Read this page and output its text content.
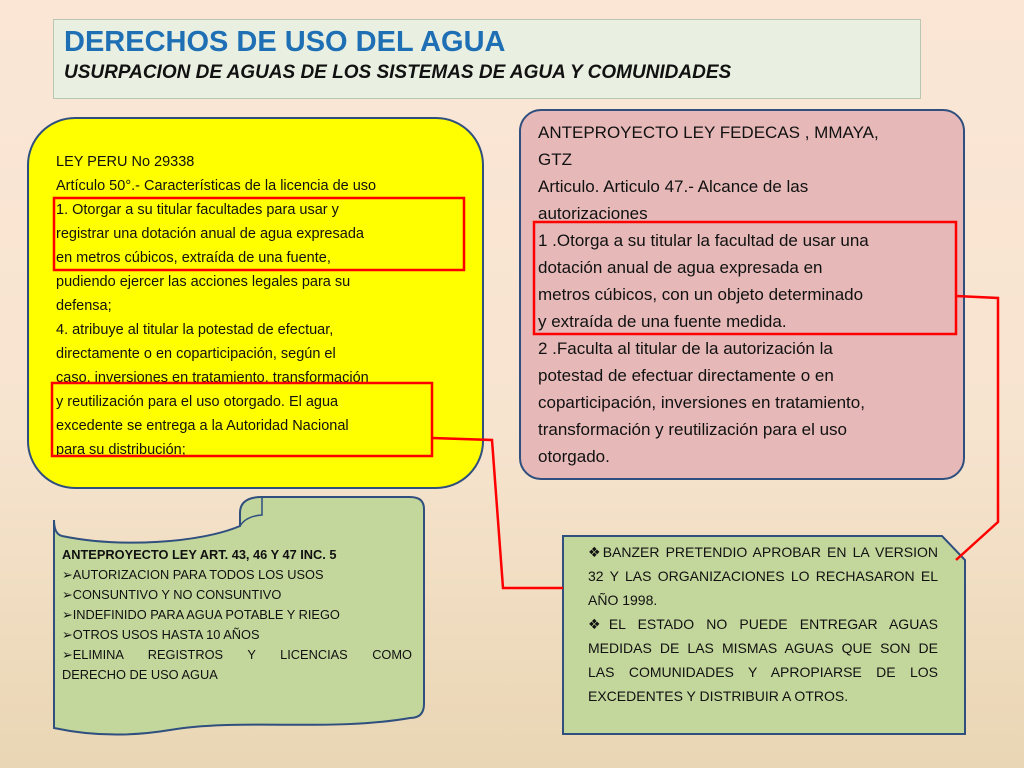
DERECHOS DE USO DEL AGUA
USURPACION DE AGUAS DE LOS SISTEMAS DE AGUA Y COMUNIDADES
LEY PERU No 29338
Artículo 50°.- Características de la licencia de uso
1. Otorgar a su titular facultades para usar y
registrar una dotación anual de agua expresada
en metros cúbicos, extraída de una fuente,
pudiendo ejercer las acciones legales para su
defensa;
4. atribuye al titular la potestad de efectuar,
directamente o en coparticipación, según el
caso, inversiones en tratamiento, transformación
y reutilización para el uso otorgado. El agua
excedente se entrega a la Autoridad Nacional
para su distribución;
ANTEPROYECTO LEY FEDECAS , MMAYA,
GTZ
Articulo. Articulo 47.- Alcance de las
autorizaciones
1 .Otorga a su titular la facultad de usar una
dotación anual de agua expresada en
metros cúbicos, con un objeto determinado
y extraída de una fuente medida.
2 .Faculta al titular de la autorización la
potestad de efectuar directamente o en
coparticipación, inversiones en tratamiento,
transformación y reutilización para el uso
otorgado.
ANTEPROYECTO LEY ART. 43, 46 Y 47 INC. 5
➢AUTORIZACION PARA TODOS LOS USOS
➢CONSUNTIVO Y NO CONSUNTIVO
➢INDEFINIDO PARA AGUA POTABLE Y RIEGO
➢OTROS USOS HASTA 10 AÑOS
➢ELIMINA REGISTROS Y LICENCIAS COMO
DERECHO DE USO AGUA
❖BANZER PRETENDIO APROBAR EN LA VERSION 32 Y LAS ORGANIZACIONES LO RECHASARON EL AÑO 1998.
❖EL ESTADO NO PUEDE ENTREGAR AGUAS MEDIDAS DE LAS MISMAS AGUAS QUE SON DE LAS COMUNIDADES Y APROPIARSE DE LOS EXCEDENTES Y DISTRIBUIR A OTROS.
